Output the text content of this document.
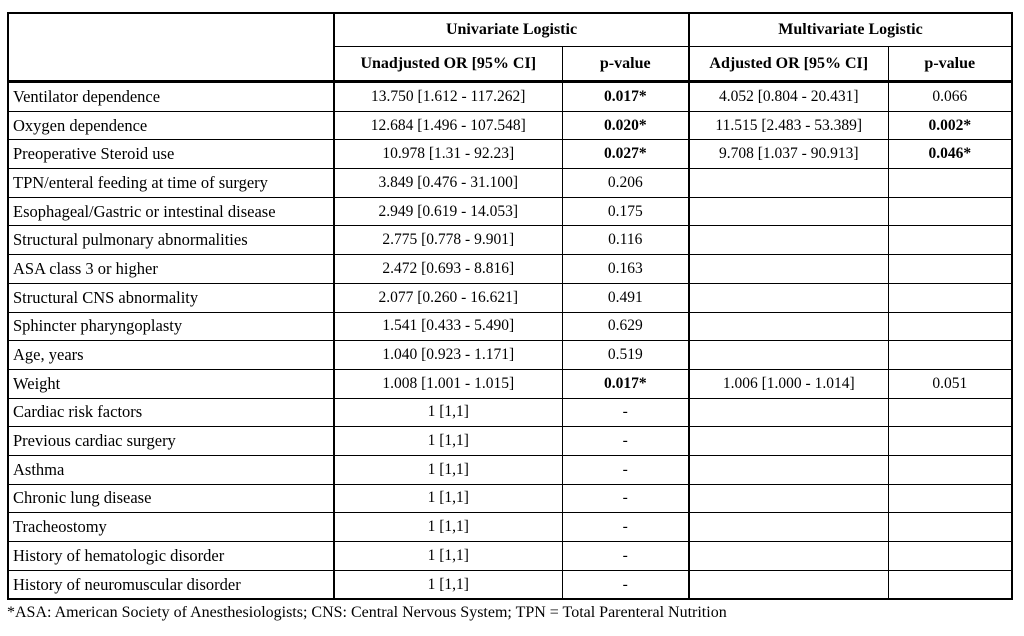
	Univariate Logistic		Multivariate Logistic	
	Unadjusted OR [95% CI]	p-value	Adjusted OR [95% CI]	p-value
Ventilator dependence	13.750 [1.612 - 117.262]	0.017*	4.052 [0.804 - 20.431]	0.066
Oxygen dependence	12.684 [1.496 - 107.548]	0.020*	11.515 [2.483 - 53.389]	0.002*
Preoperative Steroid use	10.978 [1.31 - 92.23]	0.027*	9.708 [1.037 - 90.913]	0.046*
TPN/enteral feeding at time of surgery	3.849 [0.476 - 31.100]	0.206		
Esophageal/Gastric or intestinal disease	2.949 [0.619 - 14.053]	0.175		
Structural pulmonary abnormalities	2.775 [0.778 - 9.901]	0.116		
ASA class 3 or higher	2.472 [0.693 - 8.816]	0.163		
Structural CNS abnormality	2.077 [0.260 - 16.621]	0.491		
Sphincter pharyngoplasty	1.541 [0.433 - 5.490]	0.629		
Age, years	1.040 [0.923 - 1.171]	0.519		
Weight	1.008 [1.001 - 1.015]	0.017*	1.006 [1.000 - 1.014]	0.051
Cardiac risk factors	1 [1,1]	-		
Previous cardiac surgery	1 [1,1]	-		
Asthma	1 [1,1]	-		
Chronic lung disease	1 [1,1]	-		
Tracheostomy	1 [1,1]	-		
History of hematologic disorder	1 [1,1]	-		
History of neuromuscular disorder	1 [1,1]	-		
*ASA: American Society of Anesthesiologists; CNS: Central Nervous System; TPN = Total Parenteral Nutrition
